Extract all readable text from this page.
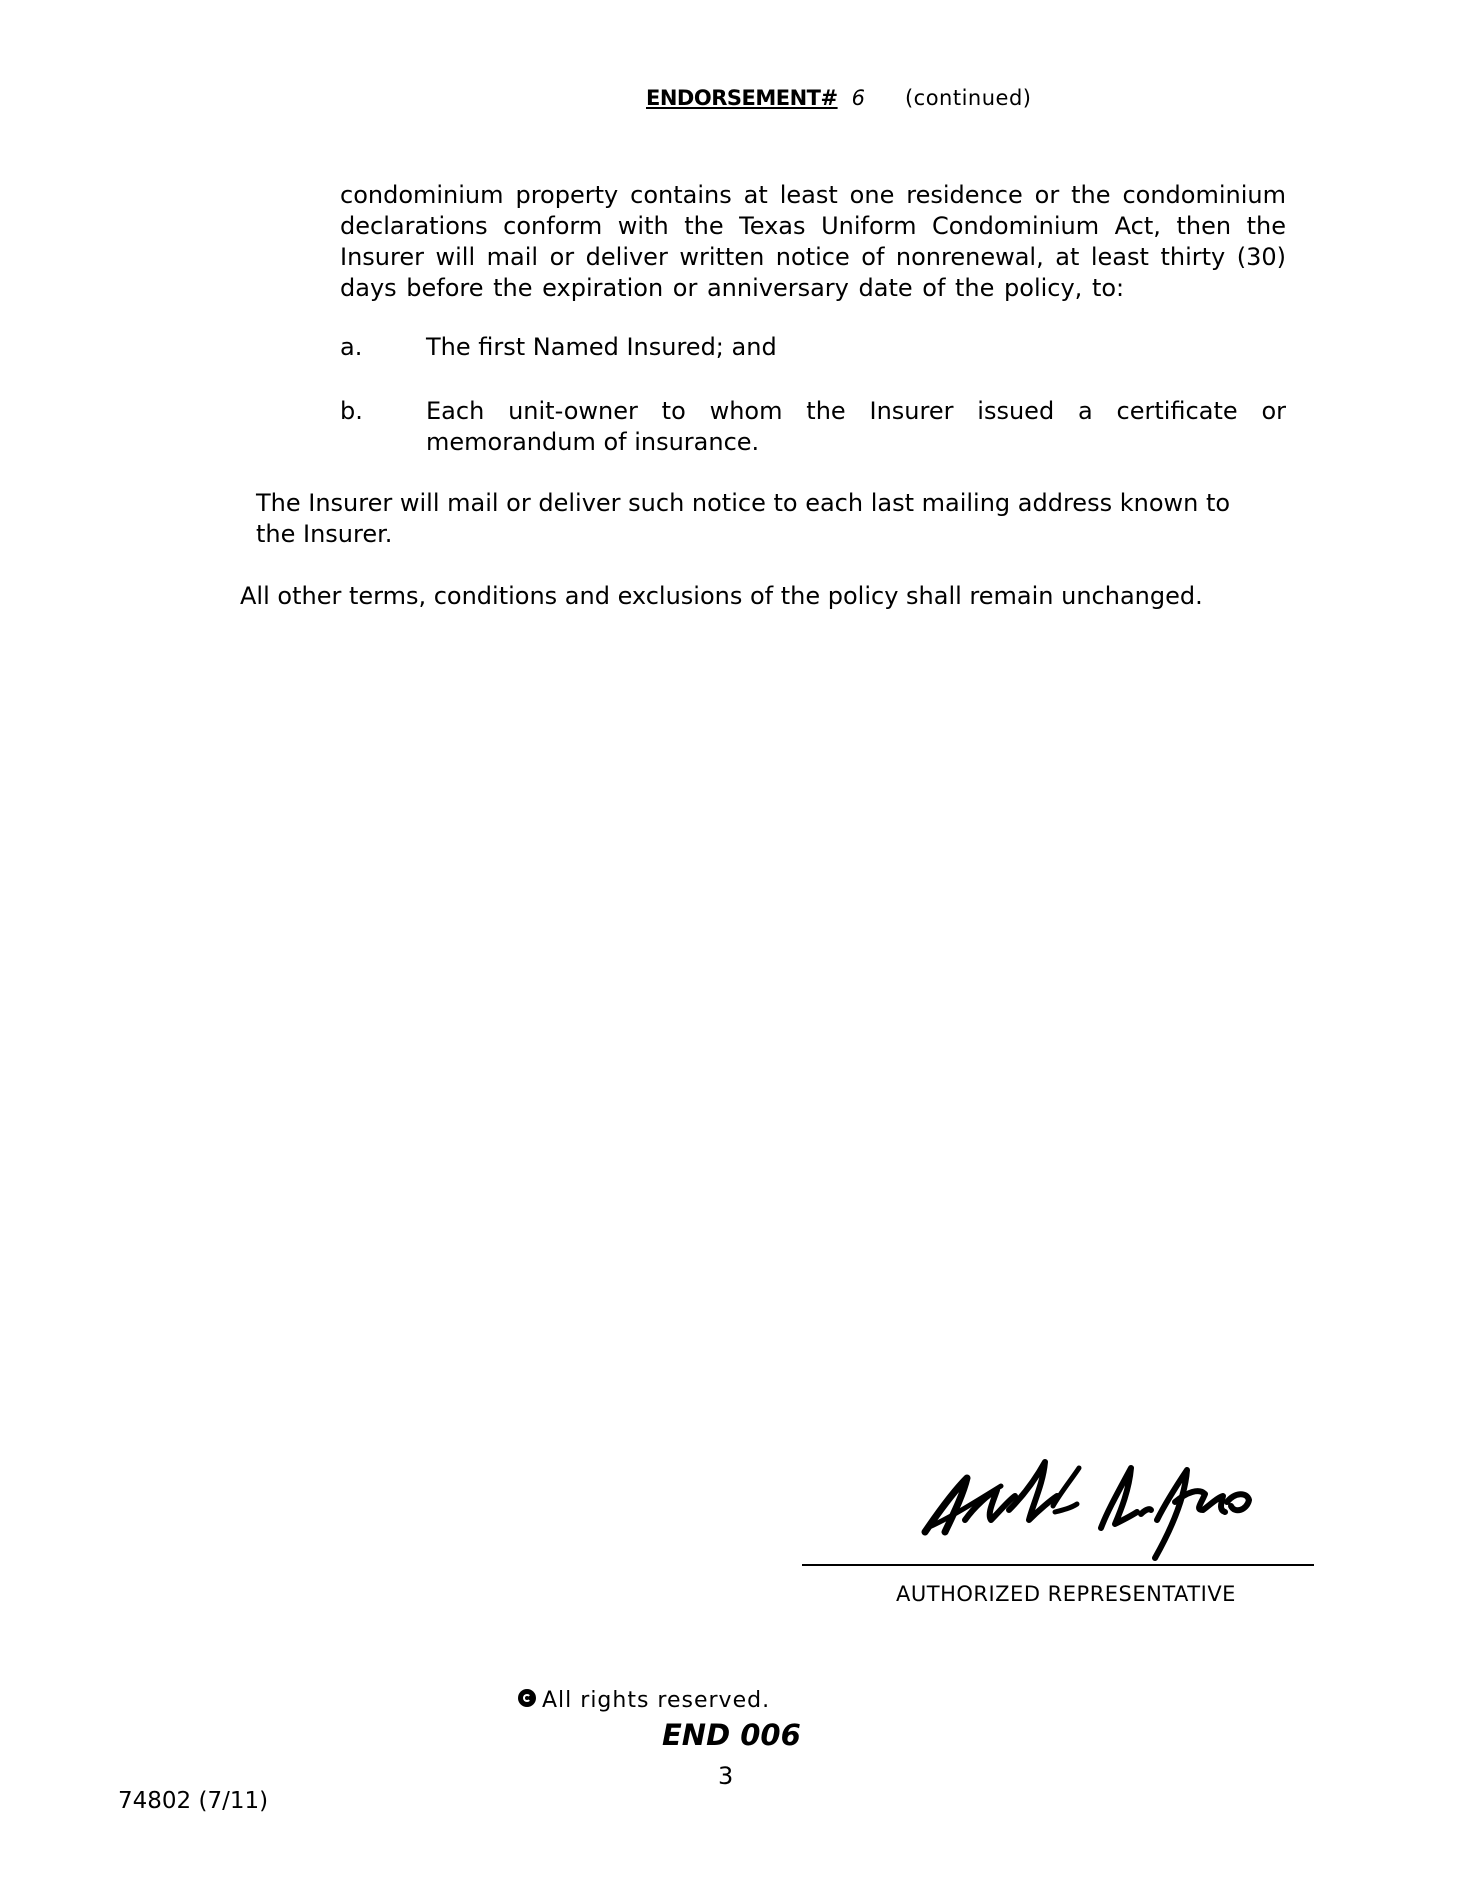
ENDORSEMENT# 6 (continued)
condominium property contains at least one residence or the condominium declarations conform with the Texas Uniform Condominium Act, then the Insurer will mail or deliver written notice of nonrenewal, at least thirty (30) days before the expiration or anniversary date of the policy, to:
a.	The first Named Insured; and
b.	Each unit-owner to whom the Insurer issued a certificate or
memorandum of insurance.
The Insurer will mail or deliver such notice to each last mailing address known to the Insurer.
All other terms, conditions and exclusions of the policy shall remain unchanged.
AUTHORIZED REPRESENTATIVE
All rights reserved.
END 006
3
74802 (7/11)
